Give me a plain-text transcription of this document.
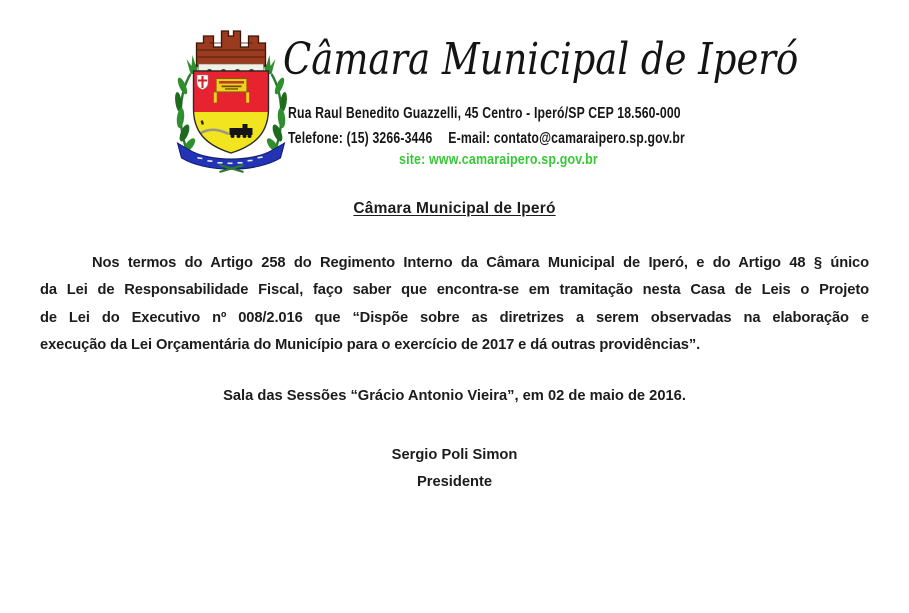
Câmara Municipal de Iperó
Rua Raul Benedito Guazzelli, 45 Centro - Iperó/SP CEP 18.560-000
Telefone: (15) 3266-3446 E-mail: contato@camaraipero.sp.gov.br
site: www.camaraipero.sp.gov.br
Câmara Municipal de Iperó
Nos termos do Artigo 258 do Regimento Interno da Câmara Municipal de Iperó, e do Artigo 48 § único
da Lei de Responsabilidade Fiscal, faço saber que encontra-se em tramitação nesta Casa de Leis o Projeto
de Lei do Executivo nº 008/2.016 que “Dispõe sobre as diretrizes a serem observadas na elaboração e
execução da Lei Orçamentária do Município para o exercício de 2017 e dá outras providências”.
Sala das Sessões “Grácio Antonio Vieira”, em 02 de maio de 2016.
Sergio Poli Simon
Presidente
